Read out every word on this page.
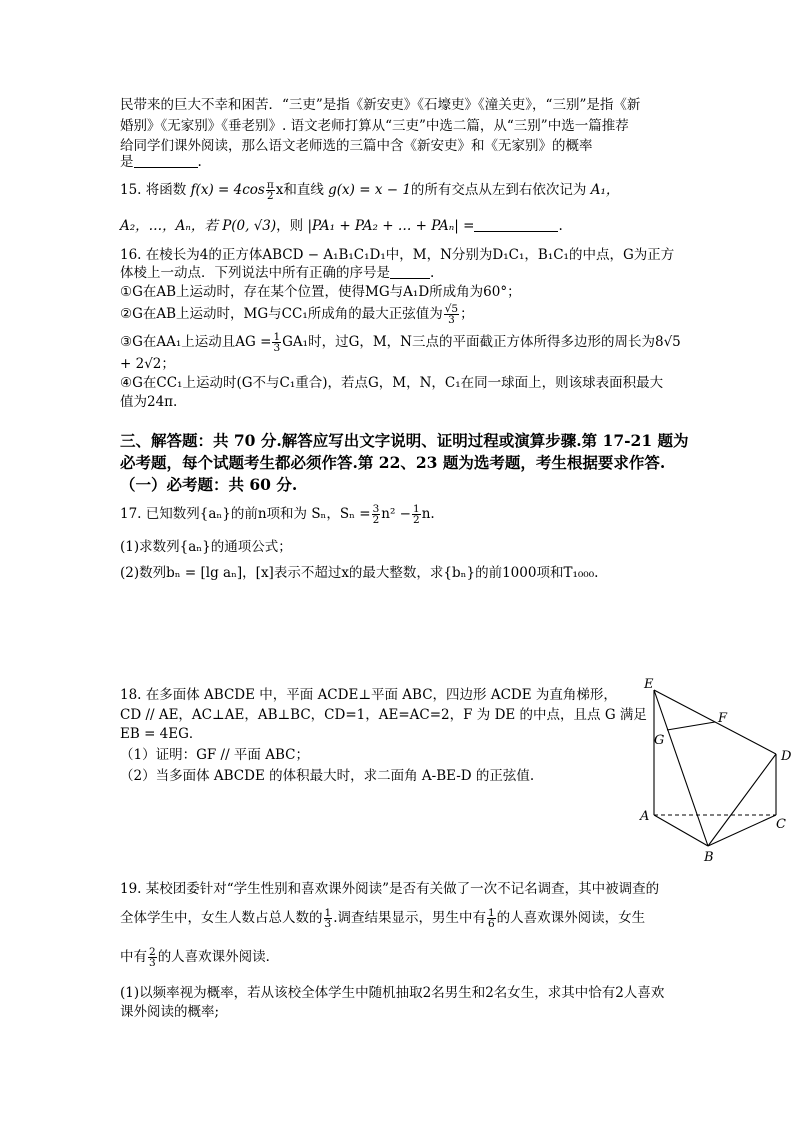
民带来的巨大不幸和困苦．“三吏”是指《新安吏》《石壕吏》《潼关吏》，“三别”是指《新
婚别》《无家别》《垂老别》. 语文老师打算从“三吏”中选二篇，从“三别”中选一篇推荐
给同学们课外阅读，那么语文老师选的三篇中含《新安吏》和《无家别》的概率
是	.
15. 将函数 $f(x) = 4\cos \frac{\pi}{2}$ x和直线 g(x) = x − 1的所有交点从左到右依次记为 A₁，
A₂，…，Aₙ，若 P(0, √3)，则 |PA₁ + PA₂ + … + PAₙ| =	.
16. 在棱长为4的正方体ABCD − A₁B₁C₁D₁中，M，N分别为D₁C₁，B₁C₁的中点，G为正方
体棱上一动点．下列说法中所有正确的序号是	.
①G在AB上运动时，存在某个位置，使得MG与A₁D所成角为60°；
②G在AB上运动时，MG与CC₁所成角的最大正弦值为 $\frac{√5}{3}$ ；
③G在AA₁上运动且AG = $\frac{1}{3} GA_1$时，过G，M，N三点的平面截正方体所得多边形的周长为8√5
+ 2√2；
④G在CC₁上运动时(G不与C₁重合)，若点G，M，N，C₁在同一球面上，则该球表面积最大
值为24π.
三、解答题：共 70 分.解答应写出文字说明、证明过程或演算步骤.第 17-21 题为
必考题，每个试题考生都必须作答.第 22、23 题为选考题，考生根据要求作答.
（一）必考题：共 60 分.
17. 已知数列{aₙ}的前n项和为 Sₙ，$S_n = \frac{3}{2} n^2 - \frac{1}{2} n$.
(1)求数列{aₙ}的通项公式；
(2)数列bₙ = [lg aₙ]，[x]表示不超过x的最大整数，求{bₙ}的前1000项和T₁₀₀₀.
18. 在多面体 ABCDE 中，平面 ACDE⊥平面 ABC，四边形 ACDE 为直角梯形，
CD // AE，AC⊥AE，AB⊥BC，CD=1，AE=AC=2，F 为 DE 的中点，且点 G 满足
EB = 4EG．
（1）证明：GF // 平面 ABC；
（2）当多面体 ABCDE 的体积最大时，求二面角 A-BE-D 的正弦值.
E
F
G
D
A
C
B
19. 某校团委针对“学生性别和喜欢课外阅读”是否有关做了一次不记名调查，其中被调查的
全体学生中，女生人数占总人数的 $\frac{1}{3}$ .调查结果显示，男生中有 $\frac{1}{6}$ 的人喜欢课外阅读，女生
中有 $\frac{2}{3}$ 的人喜欢课外阅读．
(1)以频率视为概率，若从该校全体学生中随机抽取2名男生和2名女生，求其中恰有2人喜欢
课外阅读的概率;
